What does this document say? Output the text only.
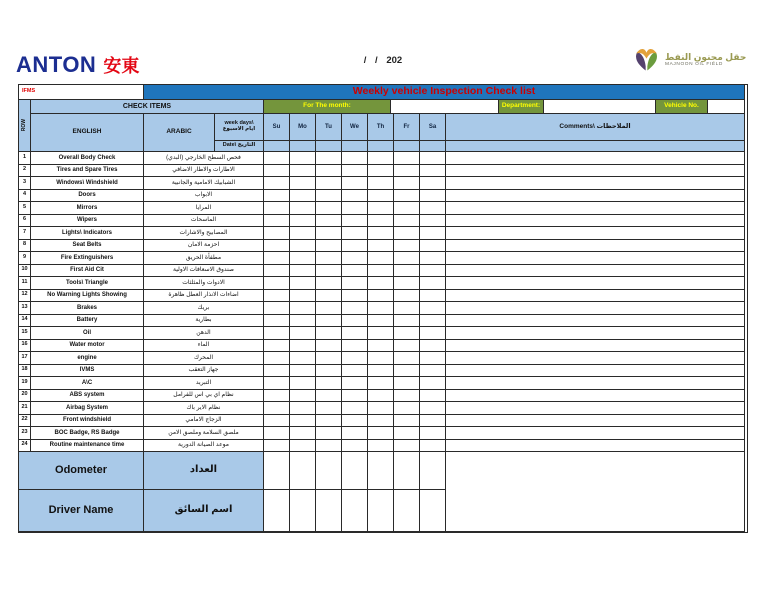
ANTON 安東	/ / 202	حقل مجنون النفط
MAJNOON OIL FIELD
IFMS	Weekly vehicle Inspection Check list
ROW
CHECK ITEMS
ENGLISH	ARABIC
week days\
ايام الاسبوع
Date\ التاريخ
For The month:	Department:	Vehicle No.
Su	Mo	Tu	We	Th	Fr	Sa	Comments\ الملاحظات
1	Overall Body Check	فحص السطح الخارجي (البدي)
2	Tires and Spare Tires	الاطارات والاطار الاضافي
3	Windows\ Windshield	الشبابيك الامامية والجانبية
4	Doors	الابواب
5	Mirrors	المرايا
6	Wipers	الماسحات
7	Lights\ Indicators	المصابيح والاشارات
8	Seat Belts	احزمة الامان
9	Fire Extinguishers	مطفأة الحريق
10	First Aid Cit	صندوق الاسعافات الاولية
11	Tools\ Triangle	الادوات والمثلثات
12	No Warning Lights Showing	اضاءات الانذار العطل ظاهرة
13	Brakes	بريك
14	Battery	بطارية
15	Oil	الدهن
16	Water motor	الماء
17	engine	المحرك
18	IVMS	جهاز التعقب
19	A\C	التبريد
20	ABS system	نظام اي بي اس للفرامل
21	Airbag System	نظام الاير باك
22	Front windshield	الزجاج الامامي
23	BOC Badge, RS Badge	ملصق السلامة وملصق الامن
24	Routine maintenance time	موعد الصيانة الدورية
Odometer	العداد
Driver Name	اسم السائق
